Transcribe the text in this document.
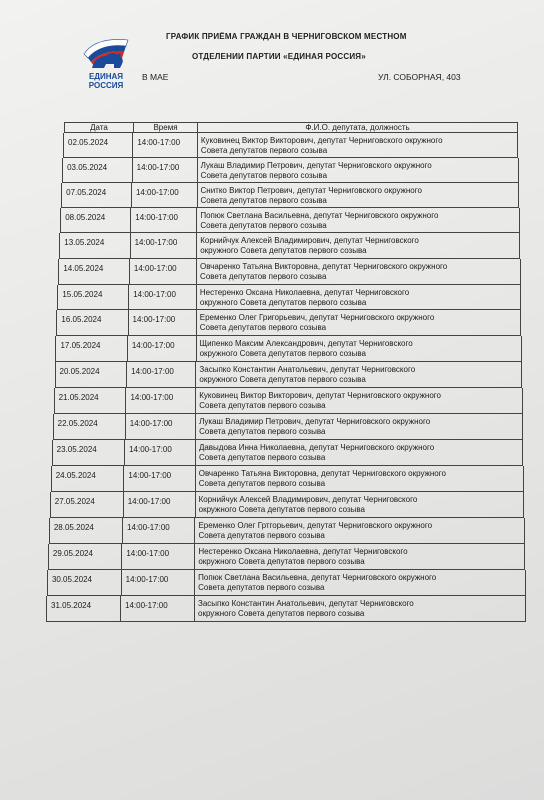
ЕДИНАЯ РОССИЯ
ГРАФИК ПРИЁМА ГРАЖДАН В ЧЕРНИГОВСКОМ МЕСТНОМ
ОТДЕЛЕНИИ ПАРТИИ «ЕДИНАЯ РОССИЯ»
В МАЕ	УЛ. СОБОРНАЯ, 403
Дата	Время	Ф.И.О. депутата, должность
02.05.2024	14:00-17:00	Куковинец Виктор Викторович, депутат Черниговского окружного
Совета депутатов первого созыва
03.05.2024	14:00-17:00	Лукаш Владимир Петрович, депутат Черниговского окружного
Совета депутатов первого созыва
07.05.2024	14:00-17:00	Снитко Виктор Петрович, депутат Черниговского окружного
Совета депутатов первого созыва
08.05.2024	14:00-17:00	Попюк Светлана Васильевна, депутат Черниговского окружного
Совета депутатов первого созыва
13.05.2024	14:00-17:00	Корнийчук Алексей Владимирович, депутат Черниговского
окружного Совета депутатов первого созыва
14.05.2024	14:00-17:00	Овчаренко Татьяна Викторовна, депутат Черниговского окружного
Совета депутатов первого созыва
15.05.2024	14:00-17:00	Нестеренко Оксана Николаевна, депутат Черниговского
окружного Совета депутатов первого созыва
16.05.2024	14:00-17:00	Еременко Олег Григорьевич, депутат Черниговского окружного
Совета депутатов первого созыва
17.05.2024	14:00-17:00	Щипенко Максим Александрович, депутат Черниговского
окружного Совета депутатов первого созыва
20.05.2024	14:00-17:00	Засыпко Константин Анатольевич, депутат Черниговского
окружного Совета депутатов первого созыва
21.05.2024	14:00-17:00	Куковинец Виктор Викторович, депутат Черниговского окружного
Совета депутатов первого созыва
22.05.2024	14:00-17:00	Лукаш Владимир Петрович, депутат Черниговского окружного
Совета депутатов первого созыва
23.05.2024	14:00-17:00	Давыдова Инна Николаевна, депутат Черниговского окружного
Совета депутатов первого созыва
24.05.2024	14:00-17:00	Овчаренко Татьяна Викторовна, депутат Черниговского окружного
Совета депутатов первого созыва
27.05.2024	14:00-17:00	Корнийчук Алексей Владимирович, депутат Черниговского
окружного Совета депутатов первого созыва
28.05.2024	14:00-17:00	Еременко Олег Гртгорьевич, депутат Черниговского окружного
Совета депутатов первого созыва
29.05.2024	14:00-17:00	Нестеренко Оксана Николаевна, депутат Черниговского
окружного Совета депутатов первого созыва
30.05.2024	14:00-17:00	Попюк Светлана Васильевна, депутат Черниговского окружного
Совета депутатов первого созыва
31.05.2024	14:00-17:00	Засыпко Константин Анатольевич, депутат Черниговского
окружного Совета депутатов первого созыва
